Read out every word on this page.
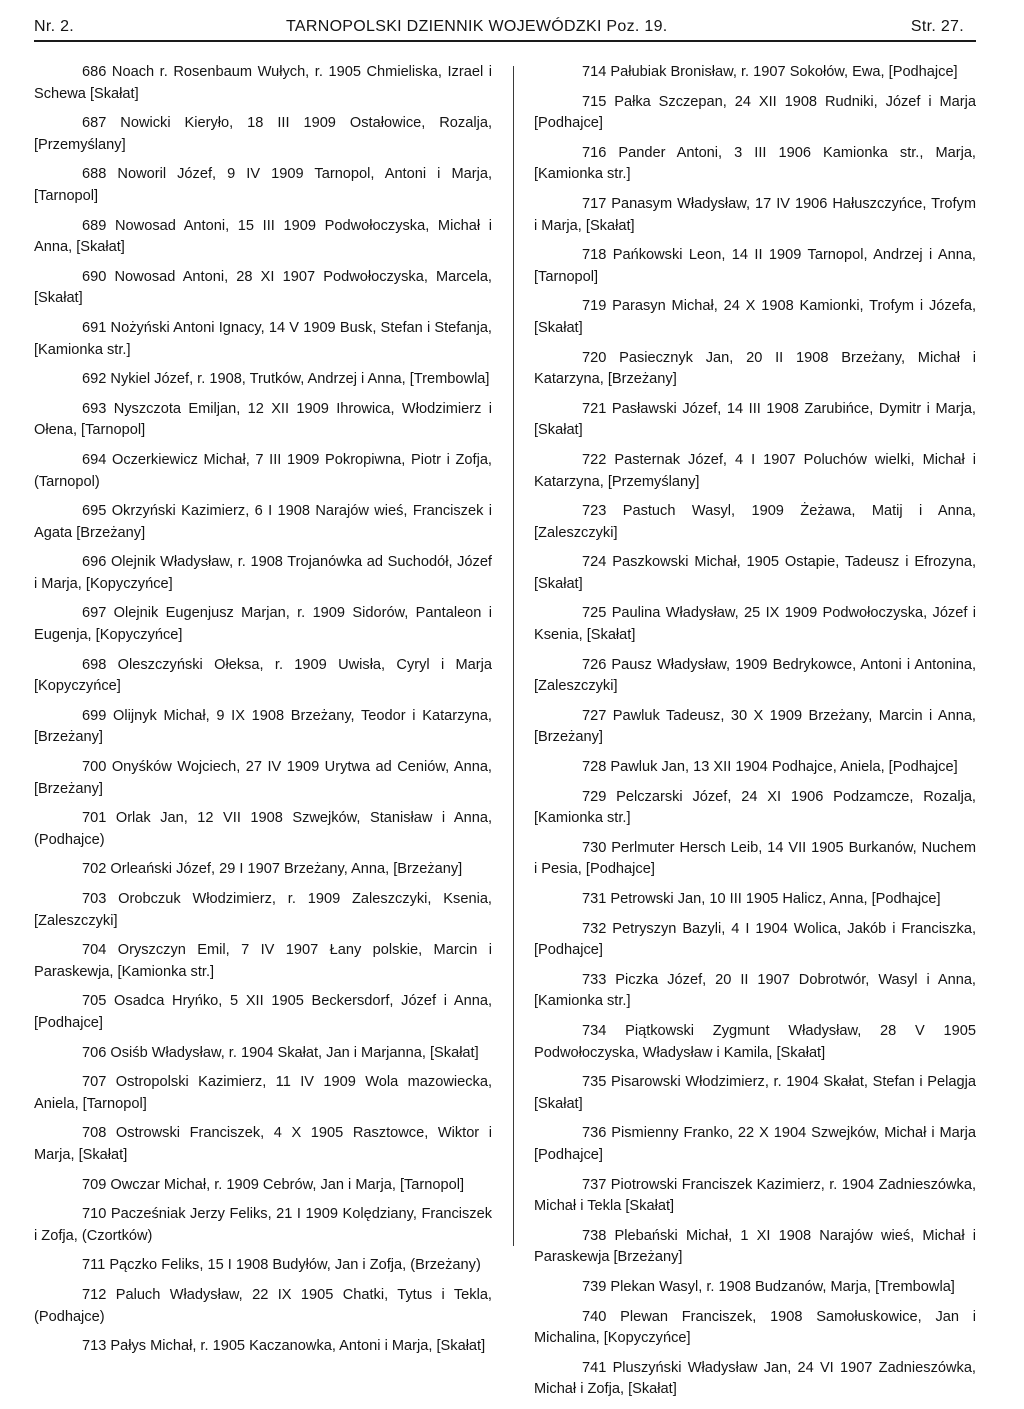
Nr. 2.	TARNOPOLSKI DZIENNIK WOJEWÓDZKI Poz. 19.	Str. 27.

686 Noach r. Rosenbaum Wułych, r. 1905 Chmieliska, Izrael i Schewa [Skałat]

687 Nowicki Kieryło, 18 III 1909 Ostałowice, Rozalja, [Przemyślany]

688 Noworil Józef, 9 IV 1909 Tarnopol, Antoni i Marja, [Tarnopol]

689 Nowosad Antoni, 15 III 1909 Podwołoczyska, Michał i Anna, [Skałat]

690 Nowosad Antoni, 28 XI 1907 Podwołoczyska, Marcela, [Skałat]

691 Nożyński Antoni Ignacy, 14 V 1909 Busk, Stefan i Stefanja, [Kamionka str.]

692 Nykiel Józef, r. 1908, Trutków, Andrzej i Anna, [Trembowla]

693 Nyszczota Emiljan, 12 XII 1909 Ihrowica, Włodzimierz i Ołena, [Tarnopol]

694 Oczerkiewicz Michał, 7 III 1909 Pokropiwna, Piotr i Zofja, (Tarnopol)

695 Okrzyński Kazimierz, 6 I 1908 Narajów wieś, Franciszek i Agata [Brzeżany]

696 Olejnik Władysław, r. 1908 Trojanówka ad Suchodół, Józef i Marja, [Kopyczyńce]

697 Olejnik Eugenjusz Marjan, r. 1909 Sidorów, Pantaleon i Eugenja, [Kopyczyńce]

698 Oleszczyński Ołeksa, r. 1909 Uwisła, Cyryl i Marja [Kopyczyńce]

699 Olijnyk Michał, 9 IX 1908 Brzeżany, Teodor i Katarzyna, [Brzeżany]

700 Onyśków Wojciech, 27 IV 1909 Urytwa ad Ceniów, Anna, [Brzeżany]

701 Orlak Jan, 12 VII 1908 Szwejków, Stanisław i Anna, (Podhajce)

702 Orleański Józef, 29 I 1907 Brzeżany, Anna, [Brzeżany]

703 Orobczuk Włodzimierz, r. 1909 Zaleszczyki, Ksenia, [Zaleszczyki]

704 Oryszczyn Emil, 7 IV 1907 Łany polskie, Marcin i Paraskewja, [Kamionka str.]

705 Osadca Hryńko, 5 XII 1905 Beckersdorf, Józef i Anna, [Podhajce]

706 Osiśb Władysław, r. 1904 Skałat, Jan i Marjanna, [Skałat]

707 Ostropolski Kazimierz, 11 IV 1909 Wola mazowiecka, Aniela, [Tarnopol]

708 Ostrowski Franciszek, 4 X 1905 Rasztowce, Wiktor i Marja, [Skałat]

709 Owczar Michał, r. 1909 Cebrów, Jan i Marja, [Tarnopol]

710 Pacześniak Jerzy Feliks, 21 I 1909 Kolędziany, Franciszek i Zofja, (Czortków)

711 Pączko Feliks, 15 I 1908 Budyłów, Jan i Zofja, (Brzeżany)

712 Paluch Władysław, 22 IX 1905 Chatki, Tytus i Tekla, (Podhajce)

713 Pałys Michał, r. 1905 Kaczanowka, Antoni i Marja, [Skałat]

714 Pałubiak Bronisław, r. 1907 Sokołów, Ewa, [Podhajce]

715 Pałka Szczepan, 24 XII 1908 Rudniki, Józef i Marja [Podhajce]

716 Pander Antoni, 3 III 1906 Kamionka str., Marja, [Kamionka str.]

717 Panasym Władysław, 17 IV 1906 Hałuszczyńce, Trofym i Marja, [Skałat]

718 Pańkowski Leon, 14 II 1909 Tarnopol, Andrzej i Anna, [Tarnopol]

719 Parasyn Michał, 24 X 1908 Kamionki, Trofym i Józefa, [Skałat]

720 Pasiecznyk Jan, 20 II 1908 Brzeżany, Michał i Katarzyna, [Brzeżany]

721 Pasławski Józef, 14 III 1908 Zarubińce, Dymitr i Marja, [Skałat]

722 Pasternak Józef, 4 I 1907 Poluchów wielki, Michał i Katarzyna, [Przemyślany]

723 Pastuch Wasyl, 1909 Żeżawa, Matij i Anna, [Zaleszczyki]

724 Paszkowski Michał, 1905 Ostapie, Tadeusz i Efrozyna, [Skałat]

725 Paulina Władysław, 25 IX 1909 Podwołoczyska, Józef i Ksenia, [Skałat]

726 Pausz Władysław, 1909 Bedrykowce, Antoni i Antonina, [Zaleszczyki]

727 Pawluk Tadeusz, 30 X 1909 Brzeżany, Marcin i Anna, [Brzeżany]

728 Pawluk Jan, 13 XII 1904 Podhajce, Aniela, [Podhajce]

729 Pelczarski Józef, 24 XI 1906 Podzamcze, Rozalja, [Kamionka str.]

730 Perlmuter Hersch Leib, 14 VII 1905 Burkanów, Nuchem i Pesia, [Podhajce]

731 Petrowski Jan, 10 III 1905 Halicz, Anna, [Podhajce]

732 Petryszyn Bazyli, 4 I 1904 Wolica, Jakób i Franciszka, [Podhajce]

733 Piczka Józef, 20 II 1907 Dobrotwór, Wasyl i Anna, [Kamionka str.]

734 Piątkowski Zygmunt Władysław, 28 V 1905 Podwołoczyska, Władysław i Kamila, [Skałat]

735 Pisarowski Włodzimierz, r. 1904 Skałat, Stefan i Pelagja [Skałat]

736 Pismienny Franko, 22 X 1904 Szwejków, Michał i Marja [Podhajce]

737 Piotrowski Franciszek Kazimierz, r. 1904 Zadnieszówka, Michał i Tekla [Skałat]

738 Plebański Michał, 1 XI 1908 Narajów wieś, Michał i Paraskewja [Brzeżany]

739 Plekan Wasyl, r. 1908 Budzanów, Marja, [Trembowla]

740 Plewan Franciszek, 1908 Samołuskowice, Jan i Michalina, [Kopyczyńce]

741 Pluszyński Władysław Jan, 24 VI 1907 Zadnieszówka, Michał i Zofja, [Skałat]
